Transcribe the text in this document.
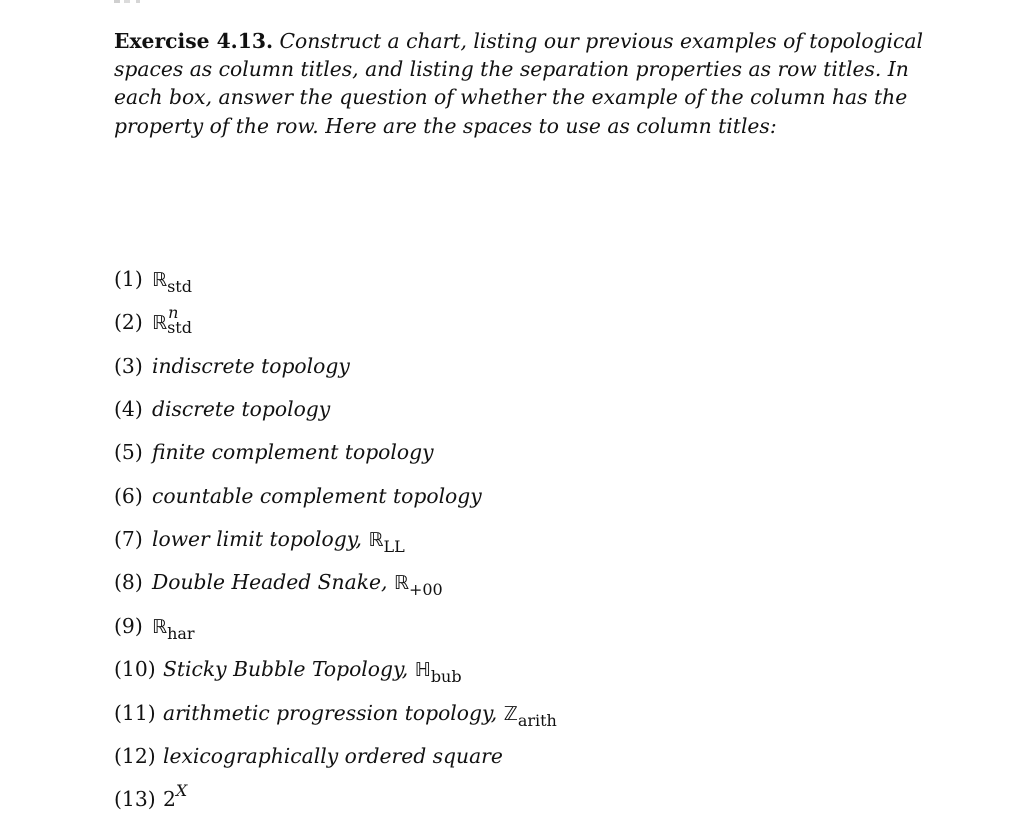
Exercise 4.13. Construct a chart, listing our previous examples of topological spaces as column titles, and listing the separation properties as row titles. In each box, answer the question of whether the example of the column has the property of the row. Here are the spaces to use as column titles:

(1) ℝ$_{std}$
(2) ℝ n
std
(3) indiscrete topology
(4) discrete topology
(5) finite complement topology
(6) countable complement topology
(7) lower limit topology, ℝ$_{LL}$
(8) Double Headed Snake, ℝ$_{+00}$
(9) ℝ$_{har}$
(10) Sticky Bubble Topology, ℍ$_{bub}$
(11) arithmetic progression topology, ℤ$_{arith}$
(12) lexicographically ordered square
(13) $2^X$
